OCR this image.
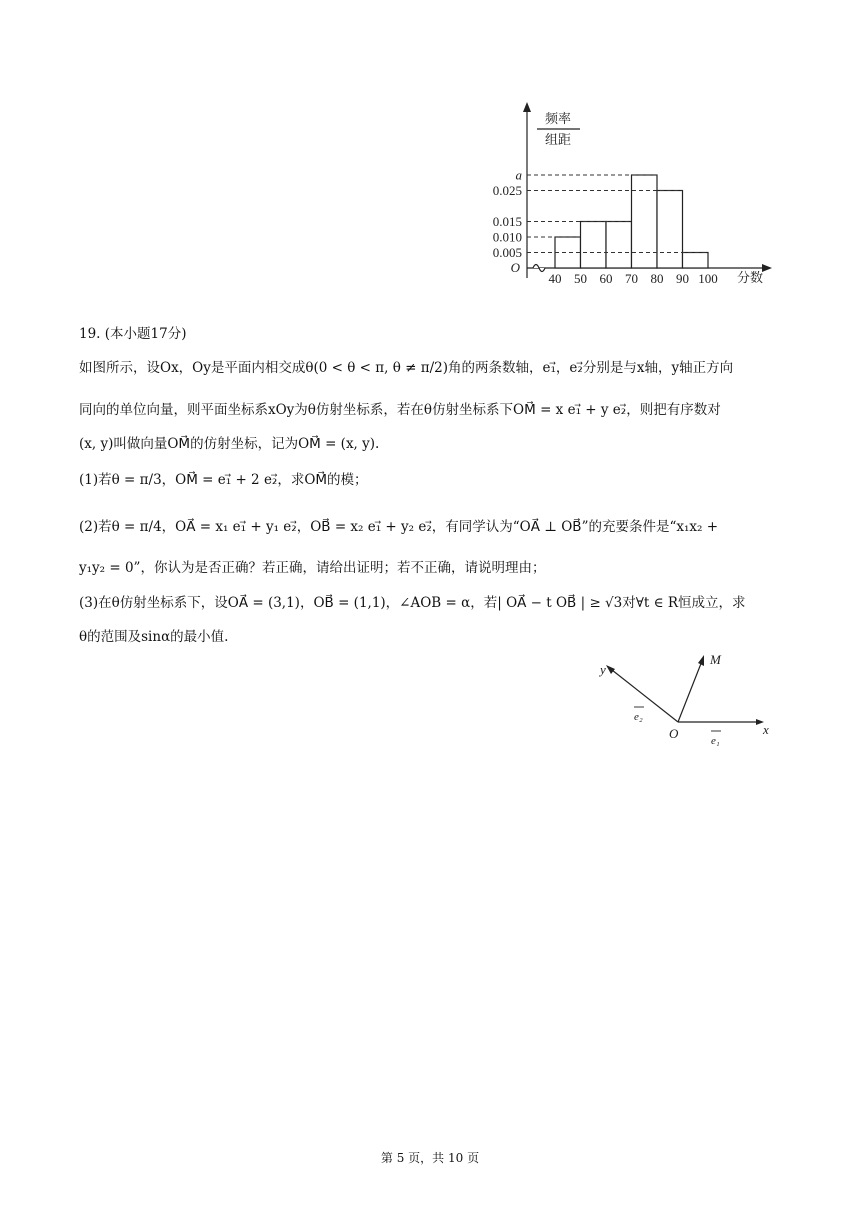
频率
组距
O
分数
a
0.025
0.015
0.010
0.005
40 50 60 70 80 90 100
19. (本小题17分)
如图所示，设Ox，Oy是平面内相交成θ(0 < θ < π, θ ≠ π/2)角的两条数轴，e₁⃗，e₂⃗分别是与x轴，y轴正方向
同向的单位向量，则平面坐标系xOy为θ仿射坐标系，若在θ仿射坐标系下OM⃗ = x e₁⃗ + y e₂⃗，则把有序数对
(x, y)叫做向量OM⃗的仿射坐标，记为OM⃗ = (x, y).
(1)若θ = π/3，OM⃗ = e₁⃗ + 2 e₂⃗，求OM⃗的模；
(2)若θ = π/4，OA⃗ = x₁ e₁⃗ + y₁ e₂⃗，OB⃗ = x₂ e₁⃗ + y₂ e₂⃗，有同学认为“OA⃗ ⊥ OB⃗”的充要条件是“x₁x₂ +
y₁y₂ = 0”，你认为是否正确？若正确，请给出证明；若不正确，请说明理由；
(3)在θ仿射坐标系下，设OA⃗ = (3,1)，OB⃗ = (1,1)，∠AOB = α，若| OA⃗ − t OB⃗ | ≥ √3对∀t ∈ R恒成立，求
θ的范围及sinα的最小值.
y
x
M
O	e₁
e₂
第 5 页，共 10 页
